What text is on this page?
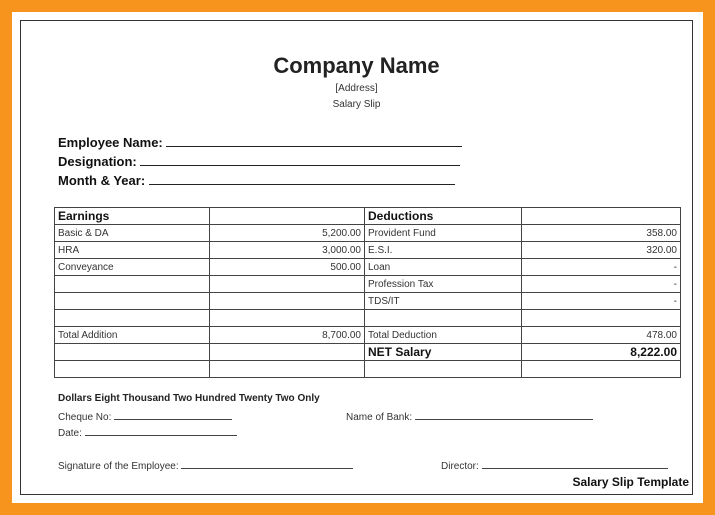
Company Name
[Address]
Salary Slip
Employee Name:
Designation:
Month & Year:
Earnings		Deductions	
Basic & DA	5,200.00	Provident Fund	358.00
HRA	3,000.00	E.S.I.	320.00
Conveyance	500.00	Loan	-
		Profession Tax	-
		TDS/IT	-

Total Addition	8,700.00	Total Deduction	478.00
		NET Salary	8,222.00

Dollars Eight Thousand Two Hundred Twenty Two Only
Cheque No:	Name of Bank:
Date:
Signature of the Employee:	Director:
Salary Slip Template
